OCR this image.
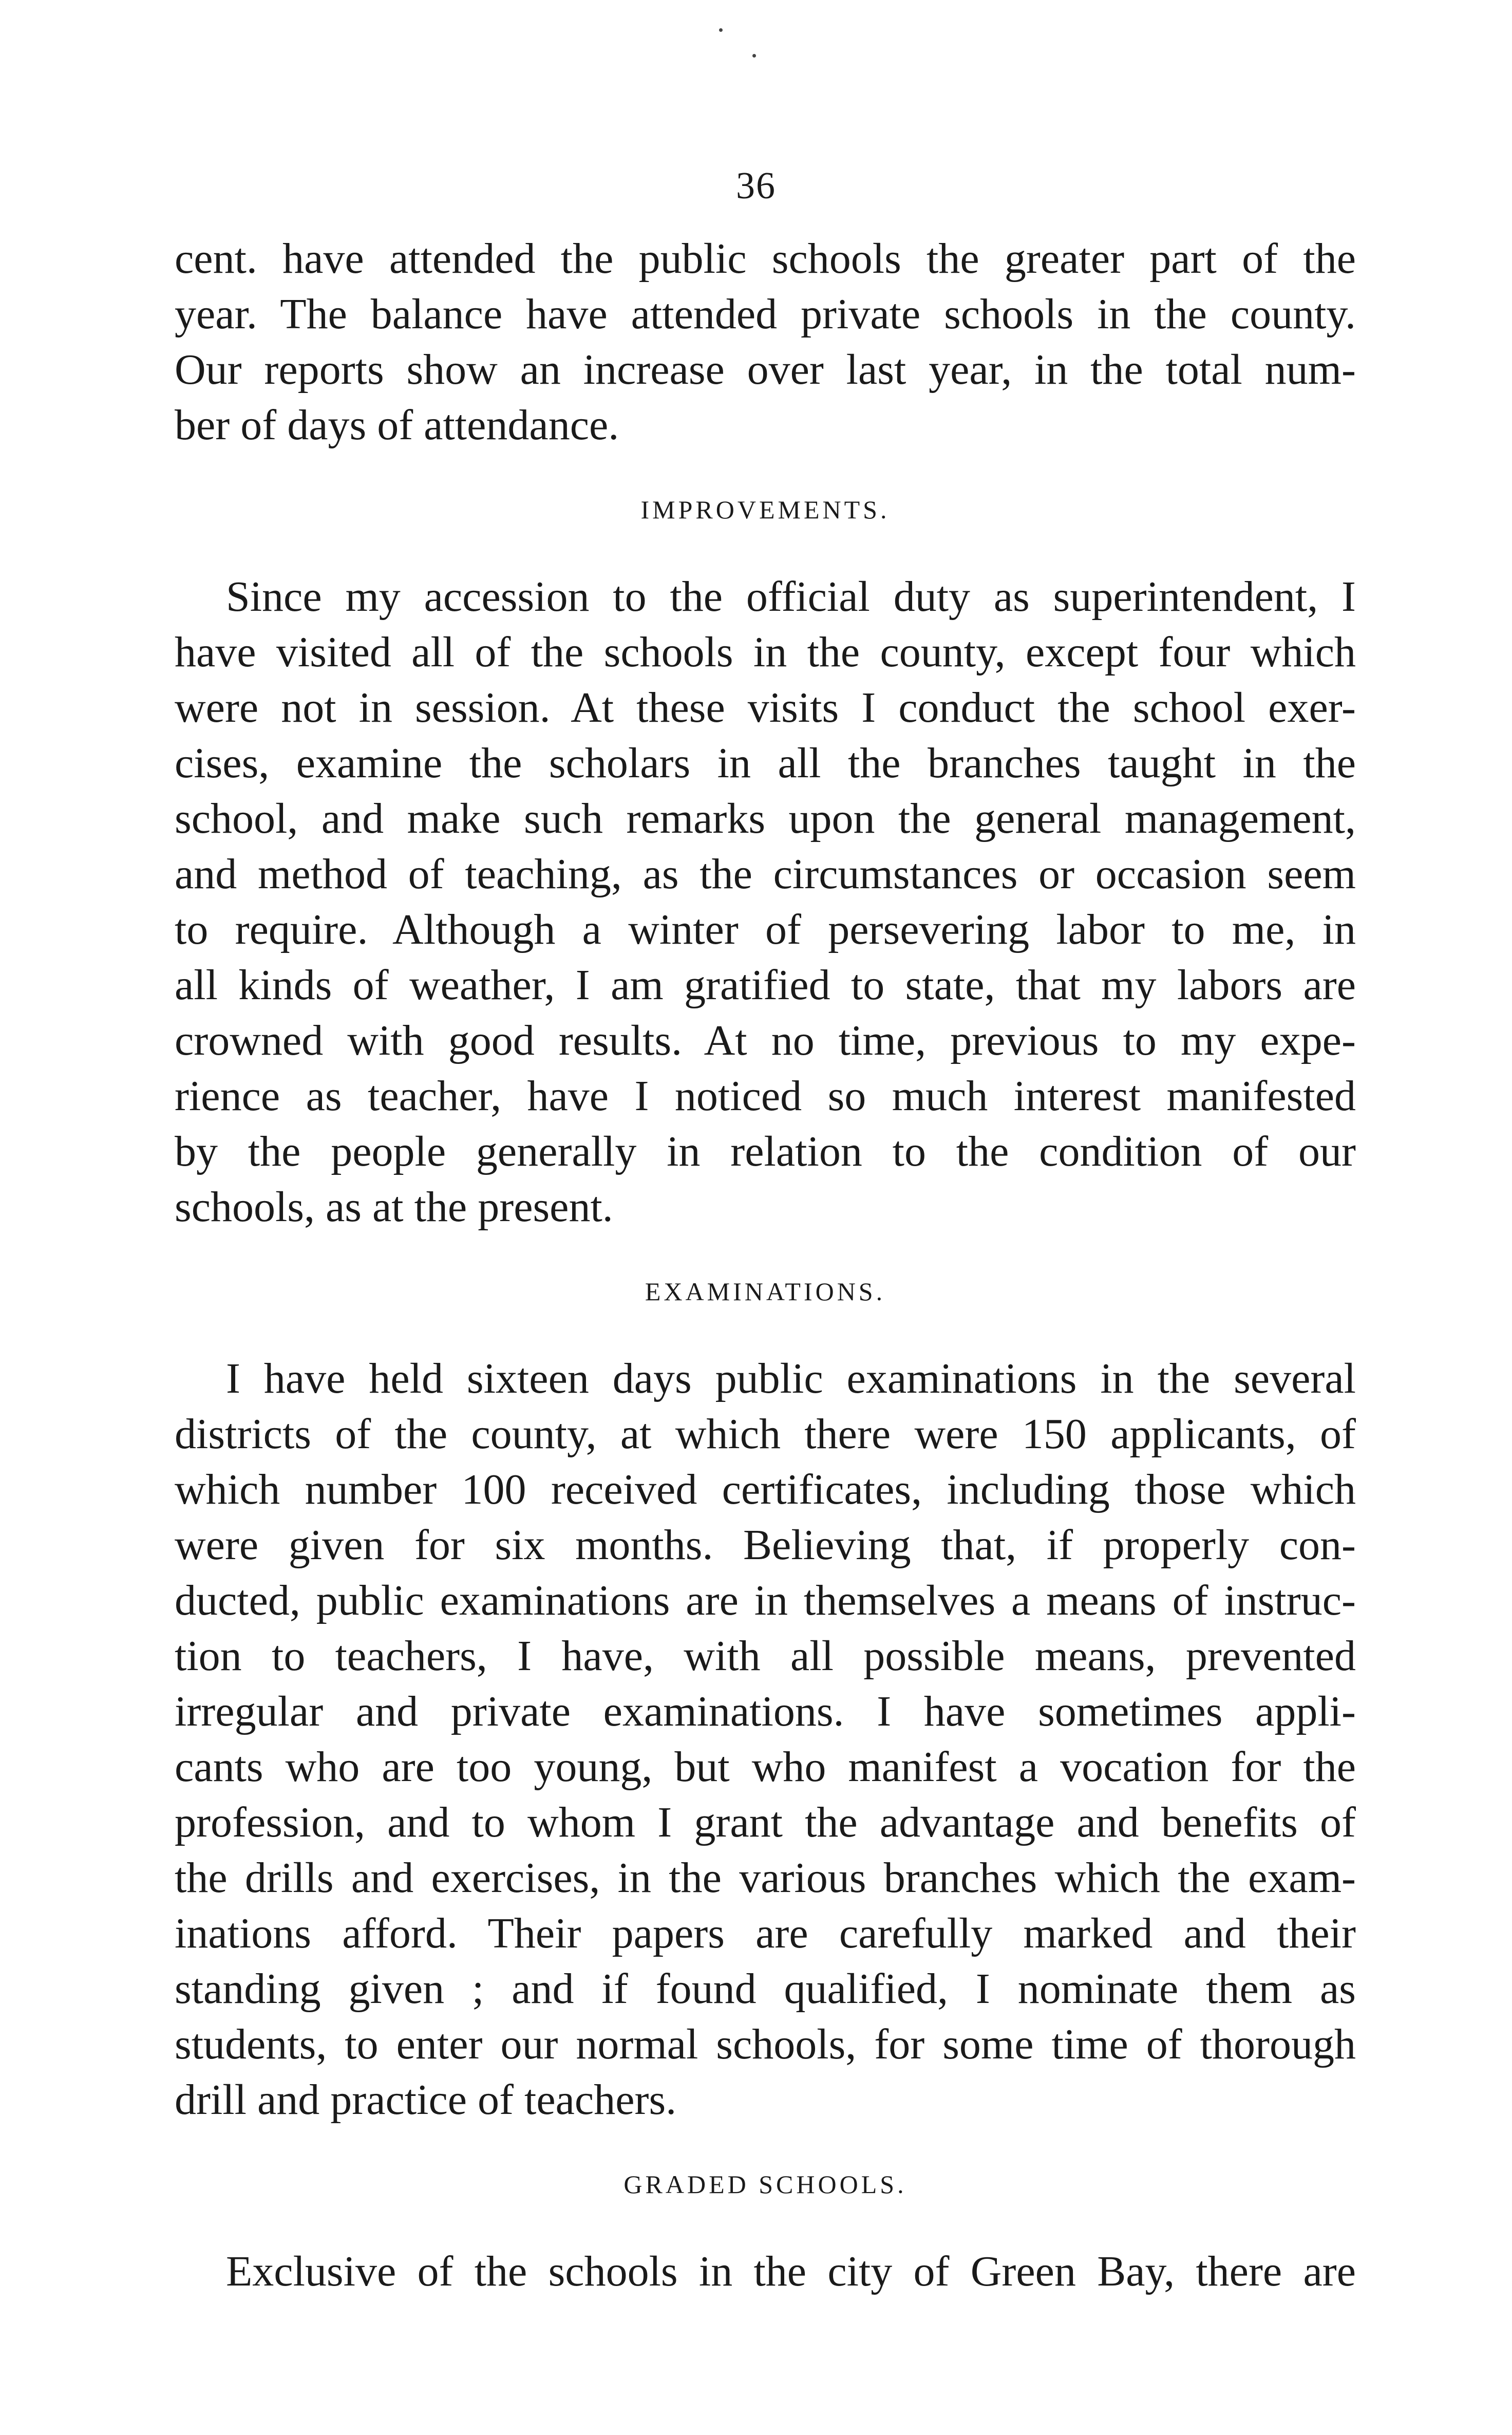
36
cent. have attended the public schools the greater part of the
year. The balance have attended private schools in the county.
Our reports show an increase over last year, in the total num-
ber of days of attendance.
IMPROVEMENTS.
Since my accession to the official duty as superintendent, I
have visited all of the schools in the county, except four which
were not in session. At these visits I conduct the school exer-
cises, examine the scholars in all the branches taught in the
school, and make such remarks upon the general management,
and method of teaching, as the circumstances or occasion seem
to require. Although a winter of persevering labor to me, in
all kinds of weather, I am gratified to state, that my labors are
crowned with good results. At no time, previous to my expe-
rience as teacher, have I noticed so much interest manifested
by the people generally in relation to the condition of our
schools, as at the present.
EXAMINATIONS.
I have held sixteen days public examinations in the several
districts of the county, at which there were 150 applicants, of
which number 100 received certificates, including those which
were given for six months. Believing that, if properly con-
ducted, public examinations are in themselves a means of instruc-
tion to teachers, I have, with all possible means, prevented
irregular and private examinations. I have sometimes appli-
cants who are too young, but who manifest a vocation for the
profession, and to whom I grant the advantage and benefits of
the drills and exercises, in the various branches which the exam-
inations afford. Their papers are carefully marked and their
standing given ; and if found qualified, I nominate them as
students, to enter our normal schools, for some time of thorough
drill and practice of teachers.
GRADED SCHOOLS.
Exclusive of the schools in the city of Green Bay, there are
